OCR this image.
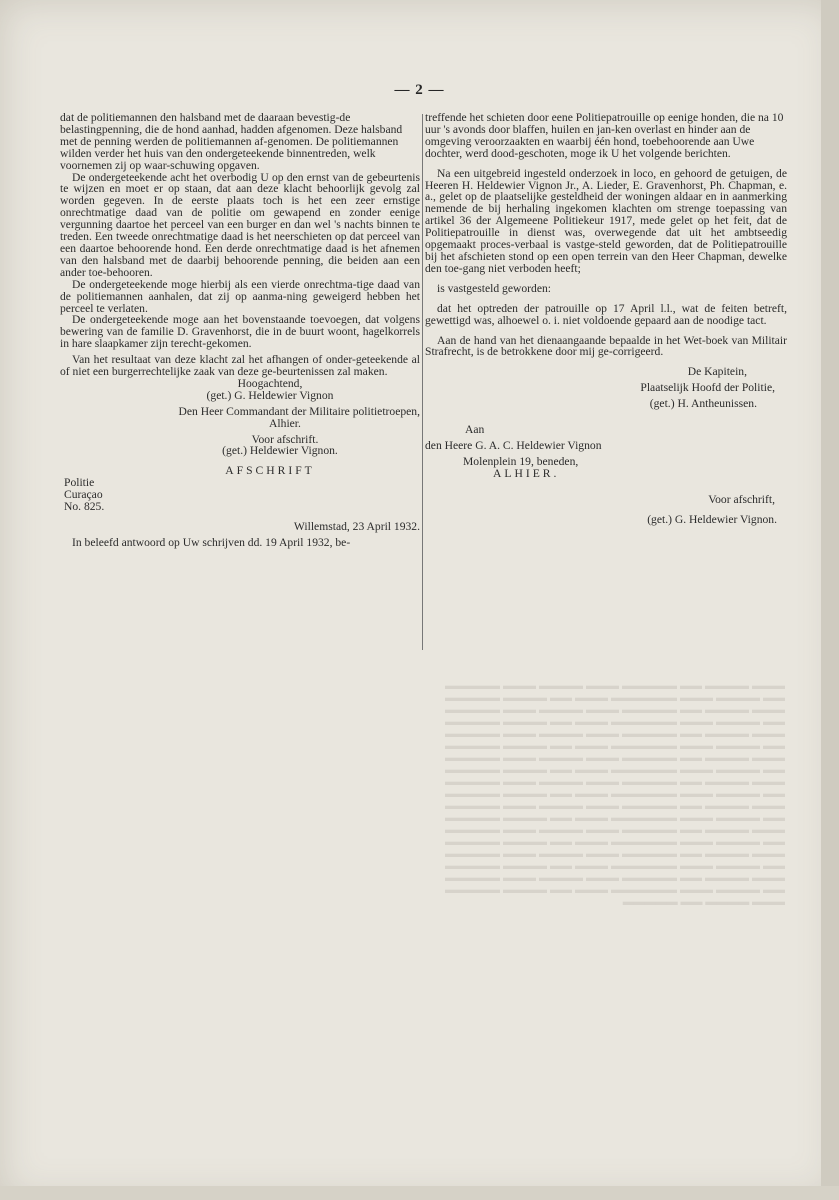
— 2 —

dat de politiemannen den halsband met de daaraan bevestig-de belastingpenning, die de hond aanhad, hadden afgenomen. Deze halsband met de penning werden de politiemannen af-genomen. De politiemannen wilden verder het huis van den ondergeteekende binnentreden, welk voornemen zij op waar-schuwing opgaven.

De ondergeteekende acht het overbodig U op den ernst van de gebeurtenis te wijzen en moet er op staan, dat aan deze klacht behoorlijk gevolg zal worden gegeven. In de eerste plaats toch is het een zeer ernstige onrechtmatige daad van de politie om gewapend en zonder eenige vergunning daartoe het perceel van een burger en dan wel 's nachts binnen te treden. Een tweede onrechtmatige daad is het neerschieten op dat perceel van een daartoe behoorende hond. Een derde onrechtmatige daad is het afnemen van den halsband met de daarbij behoorende penning, die beiden aan een ander toe-behooren.

De ondergeteekende moge hierbij als een vierde onrechtma-tige daad van de politiemannen aanhalen, dat zij op aanma-ning geweigerd hebben het perceel te verlaten.

De ondergeteekende moge aan het bovenstaande toevoegen, dat volgens bewering van de familie D. Gravenhorst, die in de buurt woont, hagelkorrels in hare slaapkamer zijn terecht-gekomen.

Van het resultaat van deze klacht zal het afhangen of onder-geteekende al of niet een burgerrechtelijke zaak van deze ge-beurtenissen zal maken.

Hoogachtend,

(get.) G. Heldewier Vignon

Den Heer Commandant der Militaire politietroepen,

Alhier.

Voor afschrift.

(get.) Heldewier Vignon.

AFSCHRIFT

Politie

Curaçao

No. 825.

Willemstad, 23 April 1932.

In beleefd antwoord op Uw schrijven dd. 19 April 1932, be-

treffende het schieten door eene Politiepatrouille op eenige honden, die na 10 uur 's avonds door blaffen, huilen en jan-ken overlast en hinder aan de omgeving veroorzaakten en waarbij één hond, toebehoorende aan Uwe dochter, werd dood-geschoten, moge ik U het volgende berichten.

Na een uitgebreid ingesteld onderzoek in loco, en gehoord de getuigen, de Heeren H. Heldewier Vignon Jr., A. Lieder, E. Gravenhorst, Ph. Chapman, e. a., gelet op de plaatselijke gesteldheid der woningen aldaar en in aanmerking nemende de bij herhaling ingekomen klachten om strenge toepassing van artikel 36 der Algemeene Politiekeur 1917, mede gelet op het feit, dat de Politiepatrouille in dienst was, overwegende dat uit het ambtseedig opgemaakt proces-verbaal is vastge-steld geworden, dat de Politiepatrouille bij het afschieten stond op een open terrein van den Heer Chapman, dewelke den toe-gang niet verboden heeft;

is vastgesteld geworden:

dat het optreden der patrouille op 17 April l.l., wat de feiten betreft, gewettigd was, alhoewel o. i. niet voldoende gepaard aan de noodige tact.

Aan de hand van het dienaangaande bepaalde in het Wet-boek van Militair Strafrecht, is de betrokkene door mij ge-corrigeerd.

De Kapitein,

Plaatselijk Hoofd der Politie,

(get.) H. Antheunissen.

Aan

den Heere G. A. C. Heldewier Vignon

Molenplein 19, beneden,

ALHIER.

Voor afschrift,

(get.) G. Heldewier Vignon.

▬▬▬ ▬▬▬▬ ▬▬ ▬▬▬▬▬ ▬▬▬ ▬▬▬▬ ▬▬▬ ▬▬▬▬▬ ▬▬ ▬▬▬▬ ▬▬▬ ▬▬▬▬▬▬ ▬▬▬ ▬▬ ▬▬▬▬ ▬▬▬▬▬ ▬▬▬ ▬▬▬▬ ▬▬ ▬▬▬▬▬ ▬▬▬ ▬▬▬▬ ▬▬▬ ▬▬▬▬▬ ▬▬ ▬▬▬▬ ▬▬▬ ▬▬▬▬▬▬ ▬▬▬ ▬▬ ▬▬▬▬ ▬▬▬▬▬ ▬▬▬ ▬▬▬▬ ▬▬ ▬▬▬▬▬ ▬▬▬ ▬▬▬▬ ▬▬▬ ▬▬▬▬▬ ▬▬ ▬▬▬▬ ▬▬▬ ▬▬▬▬▬▬ ▬▬▬ ▬▬ ▬▬▬▬ ▬▬▬▬▬ ▬▬▬ ▬▬▬▬ ▬▬ ▬▬▬▬▬ ▬▬▬ ▬▬▬▬ ▬▬▬ ▬▬▬▬▬ ▬▬ ▬▬▬▬ ▬▬▬ ▬▬▬▬▬▬ ▬▬▬ ▬▬ ▬▬▬▬ ▬▬▬▬▬ ▬▬▬ ▬▬▬▬ ▬▬ ▬▬▬▬▬ ▬▬▬ ▬▬▬▬ ▬▬▬ ▬▬▬▬▬ ▬▬ ▬▬▬▬ ▬▬▬ ▬▬▬▬▬▬ ▬▬▬ ▬▬ ▬▬▬▬ ▬▬▬▬▬ ▬▬▬ ▬▬▬▬ ▬▬ ▬▬▬▬▬ ▬▬▬ ▬▬▬▬ ▬▬▬ ▬▬▬▬▬ ▬▬ ▬▬▬▬ ▬▬▬ ▬▬▬▬▬▬ ▬▬▬ ▬▬ ▬▬▬▬ ▬▬▬▬▬ ▬▬▬ ▬▬▬▬ ▬▬ ▬▬▬▬▬ ▬▬▬ ▬▬▬▬ ▬▬▬ ▬▬▬▬▬ ▬▬ ▬▬▬▬ ▬▬▬ ▬▬▬▬▬▬ ▬▬▬ ▬▬ ▬▬▬▬ ▬▬▬▬▬ ▬▬▬ ▬▬▬▬ ▬▬ ▬▬▬▬▬ ▬▬▬ ▬▬▬▬ ▬▬▬ ▬▬▬▬▬ ▬▬ ▬▬▬▬ ▬▬▬ ▬▬▬▬▬▬ ▬▬▬ ▬▬ ▬▬▬▬ ▬▬▬▬▬ ▬▬▬ ▬▬▬▬ ▬▬ ▬▬▬▬▬ ▬▬▬ ▬▬▬▬ ▬▬▬ ▬▬▬▬▬ ▬▬ ▬▬▬▬ ▬▬▬ ▬▬▬▬▬▬ ▬▬▬ ▬▬ ▬▬▬▬ ▬▬▬▬▬ ▬▬▬ ▬▬▬▬ ▬▬ ▬▬▬▬▬
